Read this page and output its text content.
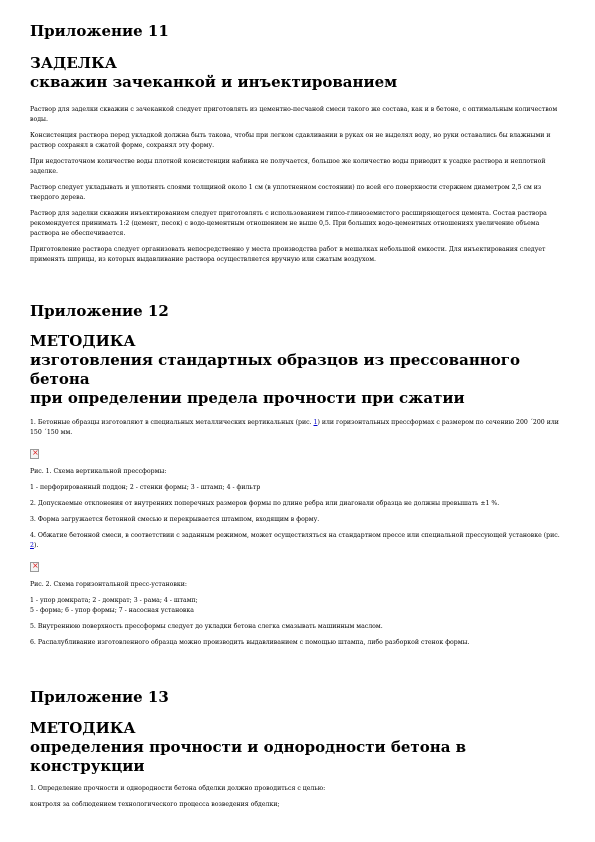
Приложение 11
ЗАДЕЛКА
скважин зачеканкой и инъектированием

Раствор для заделки скважин с зачеканкой следует приготовлять из цементно-песчаной смеси такого же состава, как и в бетоне, с оптимальным количеством воды.

Консистенция раствора перед укладкой должна быть такова, чтобы при легком сдавливании в руках он не выделял воду, но руки оставались бы влажными и раствор сохранял в сжатой форме, сохранял эту форму.

При недостаточном количестве воды плотной консистенции набивка не получается, большое же количество воды приводит к усадке раствора и неплотной заделке.

Раствор следует укладывать и уплотнять слоями толщиной около 1 см (в уплотненном состоянии) по всей его поверхности стержнем диаметром 2,5 см из твердого дерева.

Раствор для заделки скважин инъектированием следует приготовлять с использованием гипсо-глиноземистого расширяющегося цемента. Состав раствора рекомендуется принимать 1:2 (цемент, песок) с водо-цементным отношением не выше 0,5. При больших водо-цементных отношениях увеличение объема раствора не обеспечивается.

Приготовление раствора следует организовать непосредственно у места производства работ в мешалках небольшой емкости. Для инъектирования следует применять шприцы, из которых выдавливание раствора осуществляется вручную или сжатым воздухом.

Приложение 12
МЕТОДИКА
изготовления стандартных образцов из прессованного бетона
при определении предела прочности при сжатии

1. Бетонные образцы изготовляют в специальных металлических вертикальных (рис. 1) или горизонтальных прессформах с размером по сечению 200 ´200 или 150 ´150 мм.

×

Рис. 1. Схема вертикальной прессформы:

1 - перфорированный поддон; 2 - стенки формы; 3 - штамп; 4 - фильтр

2. Допускаемые отклонения от внутренних поперечных размеров формы по длине ребра или диагонали образца не должны превышать ±1 %.

3. Форма загружается бетонной смесью и перекрывается штампом, входящим в форму.

4. Обжатие бетонной смеси, в соответствии с заданным режимом, может осуществляться на стандартном прессе или специальной прессующей установке (рис. 2).

×

Рис. 2. Схема горизонтальной пресс-установки:

1 - упор домкрата; 2 - домкрат; 3 - рама; 4 - штамп;

5 - форма; 6 - упор формы; 7 - насосная установка

5. Внутреннюю поверхность прессформы следует до укладки бетона слегка смазывать машинным маслом.

6. Распалубливание изготовленного образца можно производить выдавливанием с помощью штампа, либо разборкой стенок формы.

Приложение 13
МЕТОДИКА
определения прочности и однородности бетона в конструкции

1. Определение прочности и однородности бетона обделки должно проводиться с целью:

контроля за соблюдением технологического процесса возведения обделки;
